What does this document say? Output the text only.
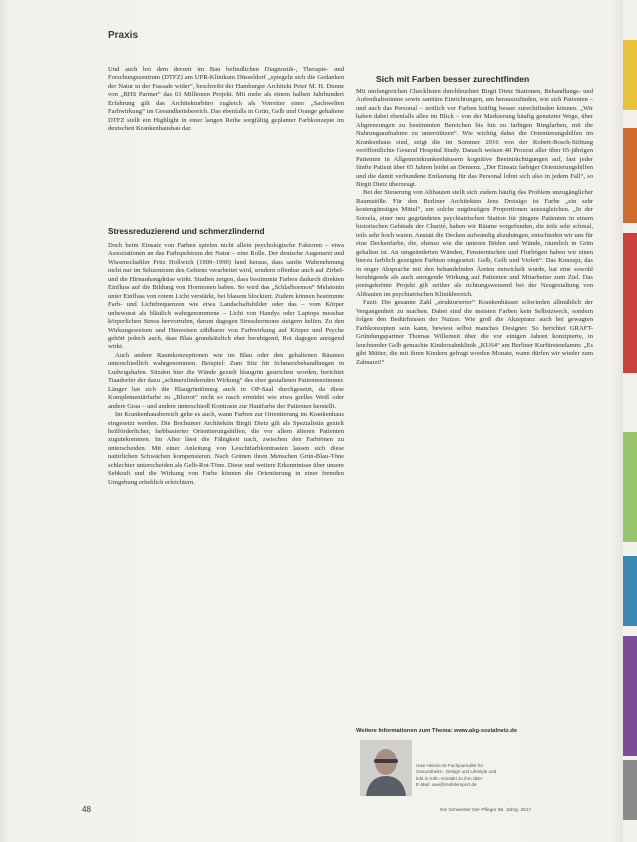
Praxis

Und auch bei dem derzeit im Bau befindlichen Diagnostik-, Therapie- und Forschungszentrum (DTFZ) am UPR-Klinikum Düsseldorf „spiegeln sich die Gedanken der Natur in der Fassade wider“, beschreibt der Hamburger Architekt Peter M. H. Dunne von „BHS Partner“ das 63 Millionen Projekt. Mit mehr als einem halben Jahrhundert Erfahrung gilt das Architekturbüro zugleich als Vorreiter einer „Sachwelten Farbwirkung“ im Gesundheitsbereich. Das ebenfalls in Grün, Gelb und Orange gehaltene DTFZ stellt ein Highlight in einer langen Reihe sorgfältig geplanter Farbkonzepte im deutschen Krankenhausbau dar.

Stressreduzierend und schmerzlindernd

Doch beim Einsatz von Farben spielen nicht allein psychologische Faktoren – etwa Assoziationen an das Farbspektrum der Natur – eine Rolle. Der deutsche Augenarzt und Wissenschaftler Fritz Hollwich (1909–1990) fand heraus, dass sanfte Wahrnehmung nicht nur im Sehzentrum des Gehirns verarbeitet wird, sondern offenbar auch auf Zirbel- und die Hirnanhangdrüse wirkt. Studien zeigen, dass bestimmte Farben dadurch direkten Einfluss auf die Bildung von Hormonen haben. So wird das „Schlafhormon“ Melatonin unter Einfluss von rotem Licht verstärkt, bei blauem blockiert. Zudem können bestimmte Farb- und Lichtfrequenzen wie etwa Landschaftsbilder oder das – vom Körper unbewusst als bläulich wahrgenommene – Licht von Handys oder Laptops messbar körperlichen Stress hervorrufen, darum dagegen Stresshormone steigern helfen. Zu den Wirkungsweisen und Hinweisen zählbarer von Farbwirkung auf Körper und Psyche gehört jedoch auch, dass Blau grundsätzlich eher beruhigend, Rot dagegen anregend wirkt.

Auch andere Raumkonzeptionen wie im Blau oder den gehaltenen Räumen unterschiedlich wahrgenommen. Beispiel: Zum Sitz für Schmerzbehandlungen in Ludwigshafen. Sitzden hier die Wände gezielt blaugrün gestrichen worden, berichtet Tiaadorfer der dazu „schmerzlindernden Wirkung“ des eher gestalteten Patientenzimmer. Länger hat sich die Blaugrüntönung auch in OP-Saal durchgesetzt, da diese Komplementärfarbe zu „Blutrot“ nicht so rasch ermüdet wie etwa grelles Weiß oder andere Grau – und andere unterschiedl Kontraste zur Hautfarbe der Patienten herstellt.

Im Krankenhausbereich gehe es auch, wann Farben zur Orientierung im Krankenhaus eingesetzt werden. Die Bochumer Architektin Birgit Dietz gilt als Spezialistin gezielt heilförderlicher, farbbasierter Orientierungshilfen, die vor allem älteren Patienten zugutekommen. Im Alter lässt die Fähigkeit nach, zwischen den Farbtönen zu unterscheiden. Mit einer Anleitung von Leuchtfarbkontrasten lassen sich diese natürlichen Schwächen kompensieren. Nach Grünen ihren Menschen Grün-Blau-Töne schlechter unterscheiden als Gelb-Rot-Töne. Diese und weitere Erkenntnisse über unsere Sehkraft und die Wirkung von Farbe können die Orientierung in einer fremden Umgebung erheblich erleichtern.

Sich mit Farben besser zurechtfinden

Mit umfangreichen Checklisten durchleuchtet Birgit Dietz Stationen, Behandlungs- und Aufenthaltsräume sowie sanitäre Einrichtungen, um herauszufinden, wie sich Patienten – und auch das Personal – zeitlich vor Farben kräftig besser zurechtfinden können. „Wir haben dabei ebenfalls alles im Blick – von der Markierung häufig genutzter Wege, über Abgrenzungen zu bestimmten Bereichen bis hin zu farbigen Ringfarben, mit die Nahrungsaufnahme zu unterstützen“. Wie wichtig dabei die Orientierungshilfen im Krankenhaus sind, zeigt die im Sommer 2016 von der Robert-Bosch-Stiftung veröffentlichte General Hospital Study. Danach weisen 40 Prozent aller über 65-jährigen Patienten in Allgemeinkrankenhäusern kognitive Beeinträchtigungen auf, fast jeder fünfte Patient über 65 Jahren leidet an Demenz. „Der Einsatz farbiger Orientierungshilfen und die damit verbundene Entlastung für das Personal lohnt sich also in jedem Fall“, so Birgit Dietz überzeugt.

Bei der Steuerung von Altbauten stellt sich zudem häufig das Problem unzugänglicher Raumstöße. Für den Berliner Architekten Jens Dreisigo ist Farbe „ein sehr kostengünstiges Mittel“, um solche ungünstigen Proportionen auszugleichen. „In der Sorsela, einer neu gegründeten psychiatrischen Station für jüngere Patienten in einem historischen Gebäude der Charité, haben wir Räume vorgefunden, die teils sehr schmal, teils sehr hoch waren. Anstatt die Decken aufwändig abzuhängen, entschieden wir uns für eine Deckenfarbe, die, ebenso wie die unteren Böden und Wände, räumlich in Grün gehalten ist. An umgeänderten Wänden, Fensternischen und Flurbögen haben wir einen hierzu farblich gezeigten Farbton eingesetzt: Gelb, Gelb und Violett“. Das Konzept, das in enger Absprache mit den behandelnden Ärzten entwickelt wurde, hat eine sowohl beruhigende als auch anregende Wirkung auf Patienten und Mitarbeiter zum Ziel. Das preisgekrönte Projekt gilt seither als richtungsweisend bei der Neugestaltung von Altbauten im psychiatrischen Klinikbereich.

Fazit: Die gesamte Zahl „strukturierter“ Krankenhäuser schwinden allmählich der Vergangenheit zu machen. Dabei sind die meisten Farben kein Selbstzweck, sondern folgen den Bedürfnissen der Nutzer. Wie groß die Akzeptanz auch bei gewagten Farbkonzepten sein kann, bewiest selbst manches Designer. So berichtet GRAFT-Gründungspartner Thomas Willemeit über die vor einigen Jahren konzipierte, in leuchtender Gelb gemachte Kinderzahnklinik „KU64“ am Berliner Kurfürstendamm: „Es gibt Mütter, die mit ihren Kindern gefragt worden Monate, wann dürfen wir wieder zum Zahnarzt!“

Weitere Informationen zum Thema: www.akg-sozialnetz.de
Uwe Heinze ist Fachjournalist für
Gesundheits-, Design und Lifestyle und
lebt in Köln. Kontakt zu ihm über
E-Mail: uwe@mobilereport.de
48	Die Schwester Der Pfleger 56. Jahrg. 2017
